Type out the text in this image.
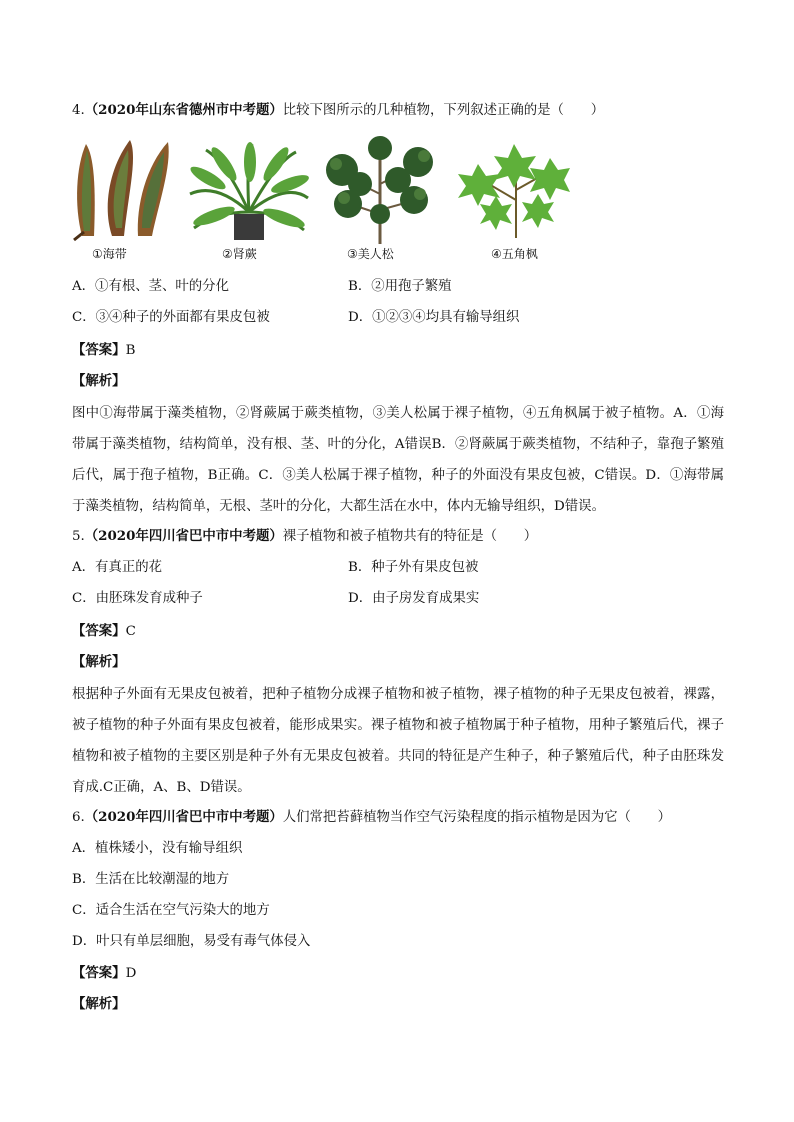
4.（2020年山东省德州市中考题）比较下图所示的几种植物，下列叙述正确的是（　　）
①海带	②肾蕨	③美人松	④五角枫
A．①有根、茎、叶的分化	B．②用孢子繁殖
C．③④种子的外面都有果皮包被	D．①②③④均具有输导组织
【答案】B
【解析】
图中①海带属于藻类植物，②肾蕨属于蕨类植物，③美人松属于裸子植物，④五角枫属于被子植物。A．①海带属于藻类植物，结构简单，没有根、茎、叶的分化，A错误B．②肾蕨属于蕨类植物，不结种子，靠孢子繁殖后代，属于孢子植物，B正确。C．③美人松属于裸子植物，种子的外面没有果皮包被，C错误。D．①海带属于藻类植物，结构简单，无根、茎叶的分化，大都生活在水中，体内无输导组织，D错误。
5.（2020年四川省巴中市中考题）裸子植物和被子植物共有的特征是（　　）
A．有真正的花	B．种子外有果皮包被
C．由胚珠发育成种子	D．由子房发育成果实
【答案】C
【解析】
根据种子外面有无果皮包被着，把种子植物分成裸子植物和被子植物，裸子植物的种子无果皮包被着，裸露，被子植物的种子外面有果皮包被着，能形成果实。裸子植物和被子植物属于种子植物，用种子繁殖后代，裸子植物和被子植物的主要区别是种子外有无果皮包被着。共同的特征是产生种子，种子繁殖后代，种子由胚珠发育成.C正确，A、B、D错误。
6.（2020年四川省巴中市中考题）人们常把苔藓植物当作空气污染程度的指示植物是因为它（　　）
A．植株矮小，没有输导组织
B．生活在比较潮湿的地方
C．适合生活在空气污染大的地方
D．叶只有单层细胞，易受有毒气体侵入
【答案】D
【解析】
